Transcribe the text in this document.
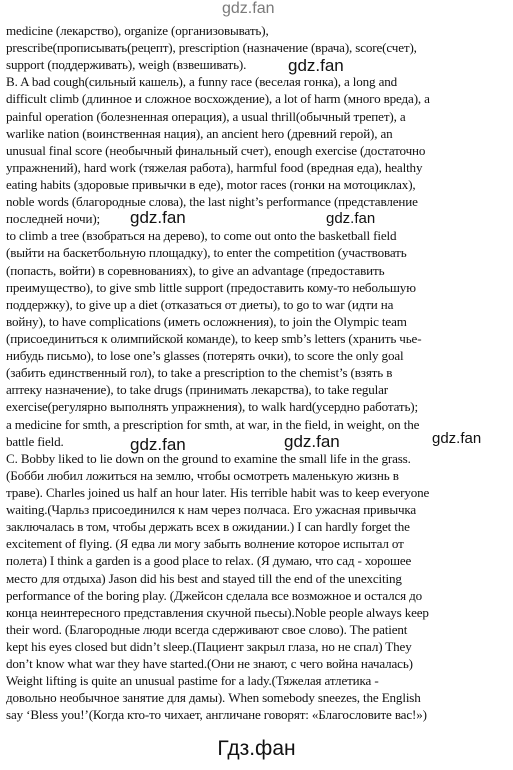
gdz.fan
medicine (лекарство), organize (организовывать),
prescribe(прописывать(рецепт), prescription (назначение (врача), score(счет),
support (поддерживать), weigh (взвешивать).
B. A bad cough(сильный кашель), a funny race (веселая гонка), a long and
difficult climb (длинное и сложное восхождение), a lot of harm (много вреда), a
painful operation (болезненная операция), a usual thrill(обычный трепет), a
warlike nation (воинственная нация), an ancient hero (древний герой), an
unusual final score (необычный финальный счет), enough exercise (достаточно
упражнений), hard work (тяжелая работа), harmful food (вредная еда), healthy
eating habits (здоровые привычки в еде), motor races (гонки на мотоциклах),
noble words (благородные слова), the last night’s performance (представление
последней ночи);
to climb a tree (взобраться на дерево), to come out onto the basketball field
(выйти на баскетбольную площадку), to enter the competition (участвовать
(попасть, войти) в соревнованиях), to give an advantage (предоставить
преимущество), to give smb little support (предоставить кому-то небольшую
поддержку), to give up a diet (отказаться от диеты), to go to war (идти на
войну), to have complications (иметь осложнения), to join the Olympic team
(присоединиться к олимпийской команде), to keep smb’s letters (хранить чье-
нибудь письмо), to lose one’s glasses (потерять очки), to score the only goal
(забить единственный гол), to take a prescription to the chemist’s (взять в
аптеку назначение), to take drugs (принимать лекарства), to take regular
exercise(регулярно выполнять упражнения), to walk hard(усердно работать);
a medicine for smth, a prescription for smth, at war, in the field, in weight, on the
battle field.
C. Bobby liked to lie down on the ground to examine the small life in the grass.
(Бобби любил ложиться на землю, чтобы осмотреть маленькую жизнь в
траве). Charles joined us half an hour later. His terrible habit was to keep everyone
waiting.(Чарльз присоединился к нам через полчаса. Его ужасная привычка
заключалась в том, чтобы держать всех в ожидании.) I can hardly forget the
excitement of flying. (Я едва ли могу забыть волнение которое испытал от
полета) I think a garden is a good place to relax. (Я думаю, что сад - хорошее
место для отдыха) Jason did his best and stayed till the end of the unexciting
performance of the boring play. (Джейсон сделала все возможное и остался до
конца неинтересного представления скучной пьесы).Noble people always keep
their word. (Благородные люди всегда сдерживают свое слово). The patient
kept his eyes closed but didn’t sleep.(Пациент закрыл глаза, но не спал) They
don’t know what war they have started.(Они не знают, с чего война началась)
Weight lifting is quite an unusual pastime for a lady.(Тяжелая атлетика -
довольно необычное занятие для дамы). When somebody sneezes, the English
say ‘Bless you!’(Когда кто-то чихает, англичане говорят: «Благословите вас!»)
gdz.fan
gdz.fan	gdz.fan
gdz.fan	gdz.fan	gdz.fan
Гдз.фан
